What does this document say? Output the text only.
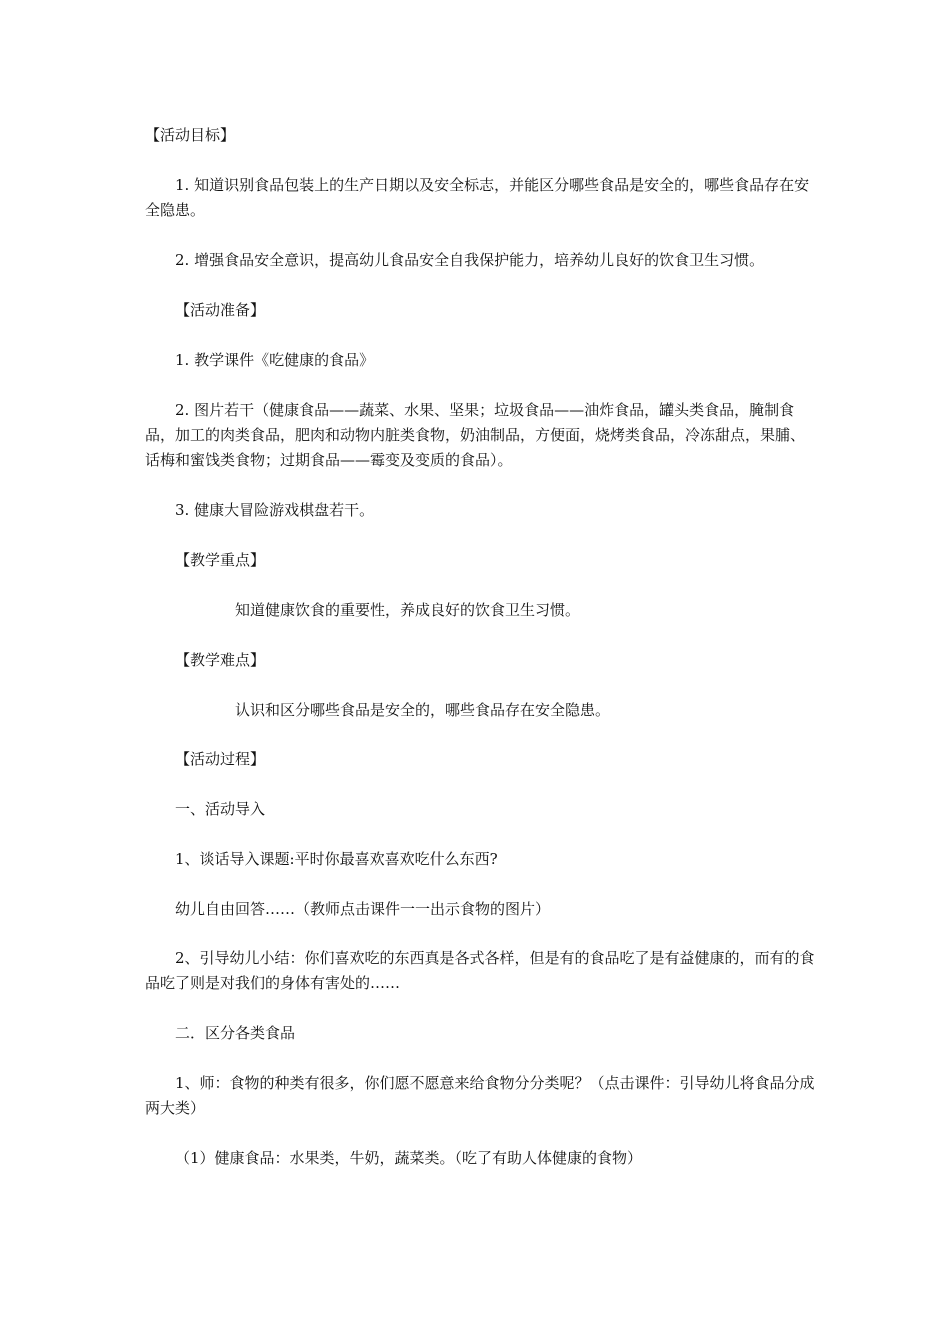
【活动目标】
1. 知道识别食品包装上的生产日期以及安全标志，并能区分哪些食品是安全的，哪些食品存在安全隐患。
2. 增强食品安全意识，提高幼儿食品安全自我保护能力，培养幼儿良好的饮食卫生习惯。
【活动准备】
1. 教学课件《吃健康的食品》
2. 图片若干（健康食品——蔬菜、水果、坚果；垃圾食品——油炸食品，罐头类食品，腌制食品，加工的肉类食品，肥肉和动物内脏类食物，奶油制品，方便面，烧烤类食品，冷冻甜点，果脯、话梅和蜜饯类食物；过期食品——霉变及变质的食品）。
3. 健康大冒险游戏棋盘若干。
【教学重点】
知道健康饮食的重要性，养成良好的饮食卫生习惯。
【教学难点】
认识和区分哪些食品是安全的，哪些食品存在安全隐患。
【活动过程】
一、活动导入
1、谈话导入课题:平时你最喜欢喜欢吃什么东西?
幼儿自由回答……（教师点击课件一一出示食物的图片）
2、引导幼儿小结：你们喜欢吃的东西真是各式各样，但是有的食品吃了是有益健康的，而有的食品吃了则是对我们的身体有害处的……
二．区分各类食品
1、师：食物的种类有很多，你们愿不愿意来给食物分分类呢？（点击课件：引导幼儿将食品分成两大类）
（1）健康食品：水果类，牛奶，蔬菜类。（吃了有助人体健康的食物）
